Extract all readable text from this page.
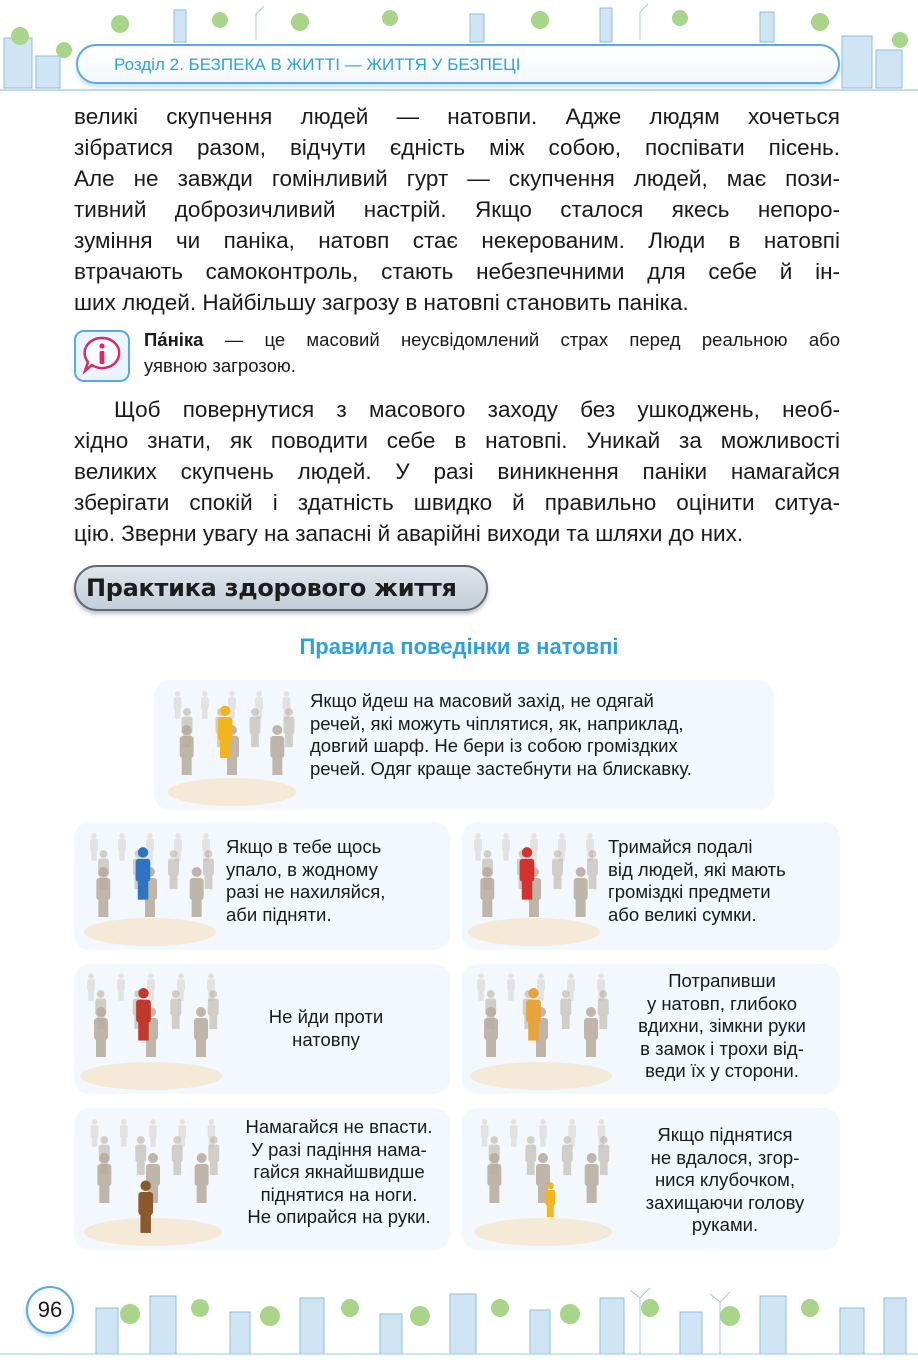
Розділ 2. БЕЗПЕКА В ЖИТТІ — ЖИТТЯ У БЕЗПЕЦІ
великі скупчення людей — натовпи. Адже людям хочеться
зібратися разом, відчути єдність між собою, поспівати пісень.
Але не завжди гомінливий гурт — скупчення людей, має пози-
тивний доброзичливий настрій. Якщо сталося якесь непоро-
зуміння чи паніка, натовп стає некерованим. Люди в натовпі
втрачають самоконтроль, стають небезпечними для себе й ін-
ших людей. Найбільшу загрозу в натовпі становить паніка.
Па́ніка — це масовий неусвідомлений страх перед реальною або
уявною загрозою.
Щоб повернутися з масового заходу без ушкоджень, необ-
хідно знати, як поводити себе в натовпі. Уникай за можливості
великих скупчень людей. У разі виникнення паніки намагайся
зберігати спокій і здатність швидко й правильно оцінити ситуа-
цію. Зверни увагу на запасні й аварійні виходи та шляхи до них.
Практика здорового життя
Правила поведінки в натовпі
Якщо йдеш на масовий захід, не одягай
речей, які можуть чіплятися, як, наприклад,
довгий шарф. Не бери із собою громіздких
речей. Одяг краще застебнути на блискавку.
Якщо в тебе щось
упало, в жодному
разі не нахиляйся,
аби підняти.
Тримайся подалі
від людей, які мають
громіздкі предмети
або великі сумки.
Не йди проти
натовпу
Потрапивши
у натовп, глибоко
вдихни, зімкни руки
в замок і трохи від-
веди їх у сторони.
Намагайся не впасти.
У разі падіння нама-
гайся якнайшвидше
піднятися на ноги.
Не опирайся на руки.
Якщо піднятися
не вдалося, згор-
нися клубочком,
захищаючи голову
руками.
96
